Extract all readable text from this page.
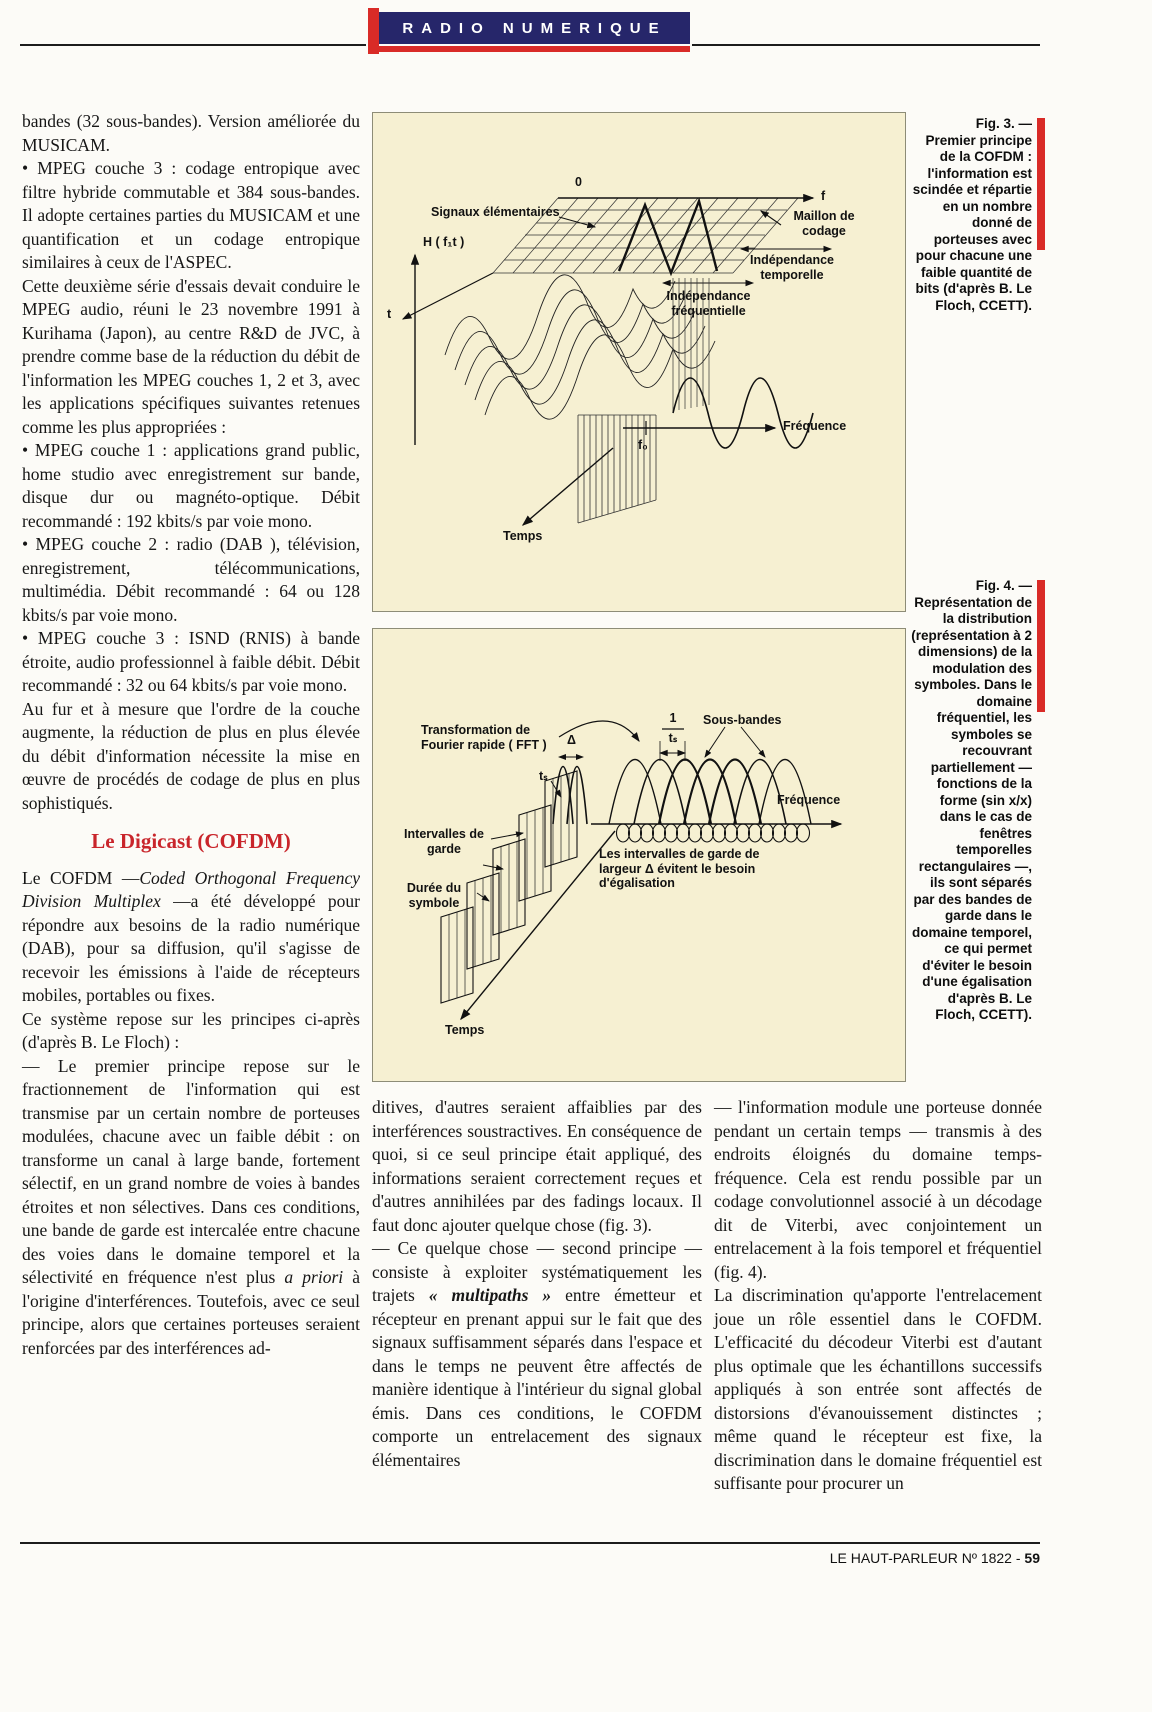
RADIO NUMERIQUE

bandes (32 sous-bandes). Version améliorée du MUSICAM.

• MPEG couche 3 : codage entropique avec filtre hybride commutable et 384 sous-bandes. Il adopte certaines parties du MUSICAM et une quantification et un codage entropique similaires à ceux de l'ASPEC.

Cette deuxième série d'essais devait conduire le MPEG audio, réuni le 23 novembre 1991 à Kurihama (Japon), au centre R&D de JVC, à prendre comme base de la réduction du débit de l'information les MPEG couches 1, 2 et 3, avec les applications spécifiques suivantes retenues comme les plus appropriées :

• MPEG couche 1 : applications grand public, home studio avec enregistrement sur bande, disque dur ou magnéto-optique. Débit recommandé : 192 kbits/s par voie mono.

• MPEG couche 2 : radio (DAB ), télévision, enregistrement, télécommunications, multimédia. Débit recommandé : 64 ou 128 kbits/s par voie mono.

• MPEG couche 3 : ISND (RNIS) à bande étroite, audio professionnel à faible débit. Débit recommandé : 32 ou 64 kbits/s par voie mono.

Au fur et à mesure que l'ordre de la couche augmente, la réduction de plus en plus élevée du débit d'information nécessite la mise en œuvre de procédés de codage de plus en plus sophistiqués.

Le Digicast (COFDM)

Le COFDM —Coded Orthogonal Frequency Division Multiplex —a été développé pour répondre aux besoins de la radio numérique (DAB), pour sa diffusion, qu'il s'agisse de recevoir les émissions à l'aide de récepteurs mobiles, portables ou fixes.

Ce système repose sur les principes ci-après (d'après B. Le Floch) :

— Le premier principe repose sur le fractionnement de l'information qui est transmise par un certain nombre de porteuses modulées, chacune avec un faible débit : on transforme un canal à large bande, fortement sélectif, en un grand nombre de voies à bandes étroites et non sélectives. Dans ces conditions, une bande de garde est intercalée entre chacune des voies dans le domaine temporel et la sélectivité en fréquence n'est plus a priori à l'origine d'interférences. Toutefois, avec ce seul principe, alors que certaines porteuses seraient renforcées par des interférences ad-

Signaux élémentaires
H ( f₁t )
0
f
t
Maillon de codage
Indépendance temporelle
Indépendance fréquentielle
Fréquence
f₀
Temps
Fig. 3. —
Premier principe de la COFDM : l'information est scindée et répartie en un nombre donné de porteuses avec pour chacune une faible quantité de bits (d'après B. Le Floch, CCETT).
Transformation de Fourier rapide ( FFT )
1
tₛ
Sous-bandes
Fréquence
Δ
tₛ
Intervalles de garde
Durée du symbole
Les intervalles de garde de largeur Δ évitent le besoin d'égalisation
Temps
Fig. 4. —
Représentation de la distribution (représentation à 2 dimensions) de la modulation des symboles. Dans le domaine fréquentiel, les symboles se recouvrant partiellement — fonctions de la forme (sin x/x) dans le cas de fenêtres temporelles rectangulaires —, ils sont séparés par des bandes de garde dans le domaine temporel, ce qui permet d'éviter le besoin d'une égalisation d'après B. Le Floch, CCETT).

ditives, d'autres seraient affaiblies par des interférences soustractives. En conséquence de quoi, si ce seul principe était appliqué, des informations seraient correctement reçues et d'autres annihilées par des fadings locaux. Il faut donc ajouter quelque chose (fig. 3).

— Ce quelque chose — second principe — consiste à exploiter systématiquement les trajets « multipaths » entre émetteur et récepteur en prenant appui sur le fait que des signaux suffisamment séparés dans l'espace et dans le temps ne peuvent être affectés de manière identique à l'intérieur du signal global émis. Dans ces conditions, le COFDM comporte un entrelacement des signaux élémentaires

— l'information module une porteuse donnée pendant un certain temps — transmis à des endroits éloignés du domaine temps-fréquence. Cela est rendu possible par un codage convolutionnel associé à un décodage dit de Viterbi, avec conjointement un entrelacement à la fois temporel et fréquentiel (fig. 4).

La discrimination qu'apporte l'entrelacement joue un rôle essentiel dans le COFDM. L'efficacité du décodeur Viterbi est d'autant plus optimale que les échantillons successifs appliqués à son entrée sont affectés de distorsions d'évanouissement distinctes ; même quand le récepteur est fixe, la discrimination dans le domaine fréquentiel est suffisante pour procurer un

LE HAUT-PARLEUR Nº 1822 - 59
